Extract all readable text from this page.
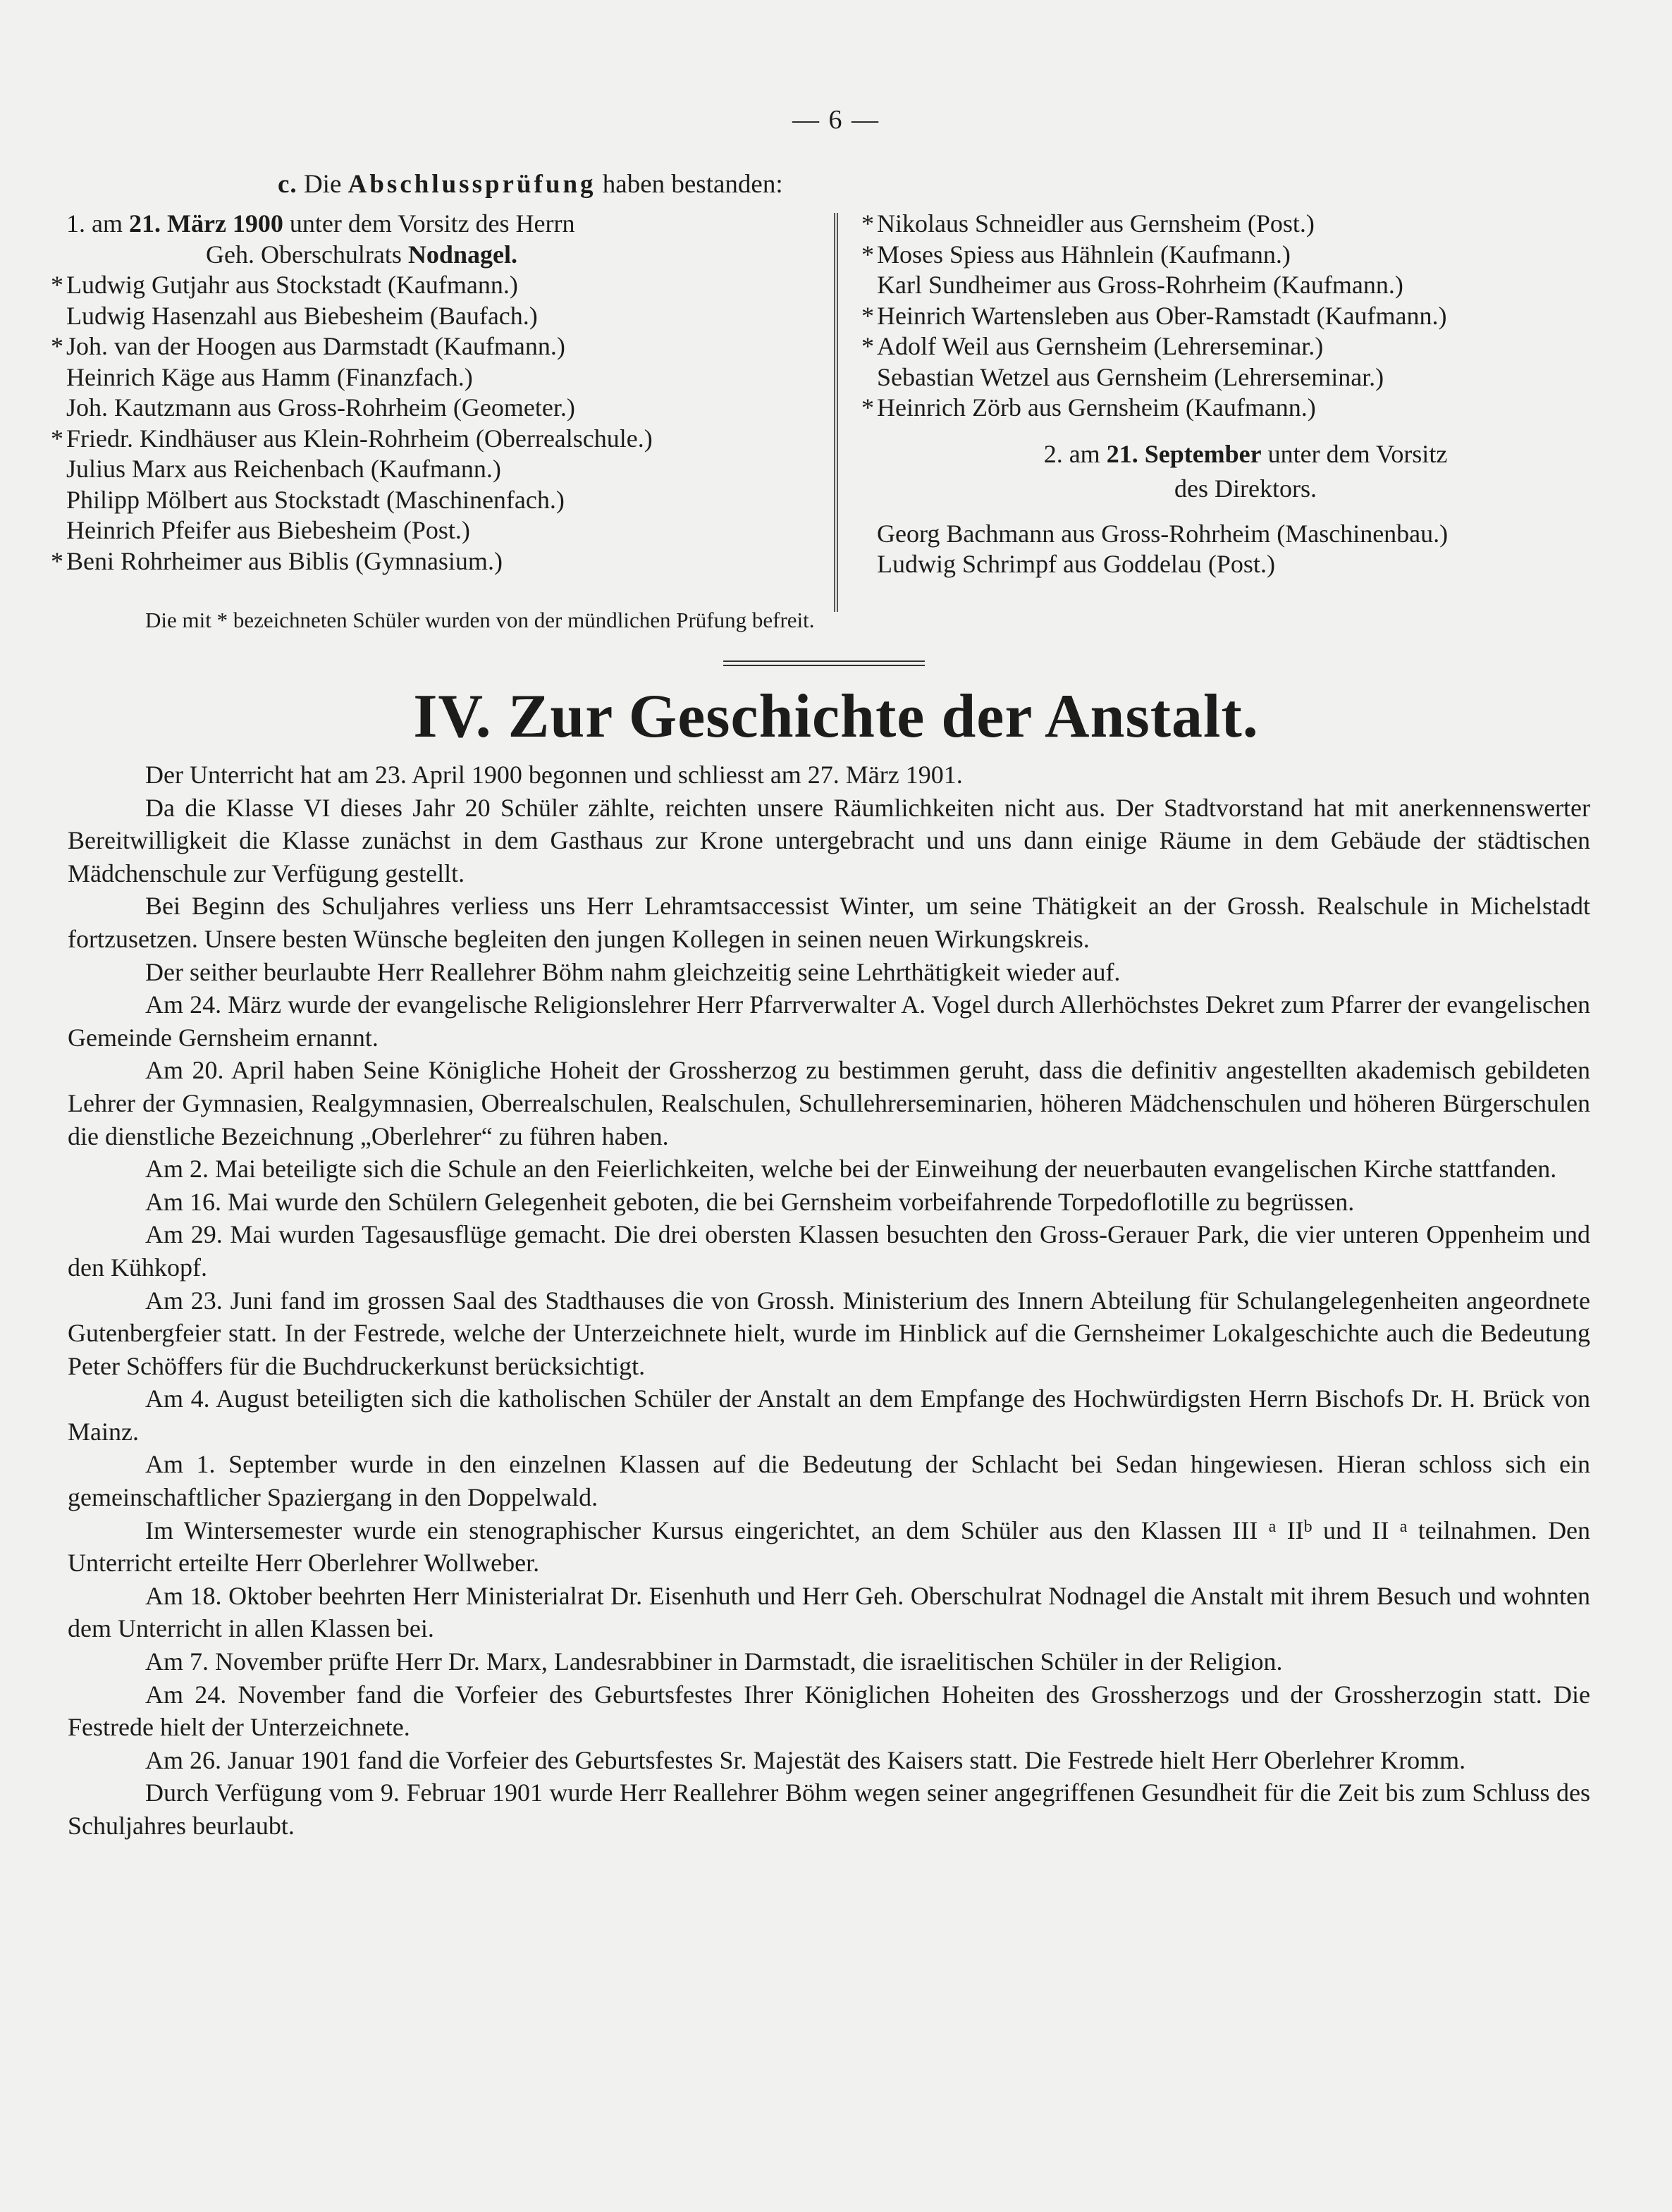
— 6 —
c. Die Abschlussprüfung haben bestanden:
1. am 21. März 1900 unter dem Vorsitz des Herrn
Geh. Oberschulrats Nodnagel.
* Ludwig Gutjahr aus Stockstadt (Kaufmann.)
Ludwig Hasenzahl aus Biebesheim (Baufach.)
* Joh. van der Hoogen aus Darmstadt (Kaufmann.)
Heinrich Käge aus Hamm (Finanzfach.)
Joh. Kautzmann aus Gross-Rohrheim (Geometer.)
* Friedr. Kindhäuser aus Klein-Rohrheim (Oberrealschule.)
Julius Marx aus Reichenbach (Kaufmann.)
Philipp Mölbert aus Stockstadt (Maschinenfach.)
Heinrich Pfeifer aus Biebesheim (Post.)
* Beni Rohrheimer aus Biblis (Gymnasium.)
* Nikolaus Schneidler aus Gernsheim (Post.)
* Moses Spiess aus Hähnlein (Kaufmann.)
Karl Sundheimer aus Gross-Rohrheim (Kaufmann.)
* Heinrich Wartensleben aus Ober-Ramstadt (Kaufmann.)
* Adolf Weil aus Gernsheim (Lehrerseminar.)
Sebastian Wetzel aus Gernsheim (Lehrerseminar.)
* Heinrich Zörb aus Gernsheim (Kaufmann.)
2. am 21. September unter dem Vorsitz
des Direktors.
Georg Bachmann aus Gross-Rohrheim (Maschinenbau.)
Ludwig Schrimpf aus Goddelau (Post.)
Die mit * bezeichneten Schüler wurden von der mündlichen Prüfung befreit.
IV. Zur Geschichte der Anstalt.

Der Unterricht hat am 23. April 1900 begonnen und schliesst am 27. März 1901.

Da die Klasse VI dieses Jahr 20 Schüler zählte, reichten unsere Räumlichkeiten nicht aus. Der Stadtvorstand hat mit anerkennenswerter Bereitwilligkeit die Klasse zunächst in dem Gasthaus zur Krone untergebracht und uns dann einige Räume in dem Gebäude der städtischen Mädchenschule zur Verfügung gestellt.

Bei Beginn des Schuljahres verliess uns Herr Lehramtsaccessist Winter, um seine Thätigkeit an der Grossh. Realschule in Michelstadt fortzusetzen. Unsere besten Wünsche begleiten den jungen Kollegen in seinen neuen Wirkungskreis.

Der seither beurlaubte Herr Reallehrer Böhm nahm gleichzeitig seine Lehrthätigkeit wieder auf.

Am 24. März wurde der evangelische Religionslehrer Herr Pfarrverwalter A. Vogel durch Allerhöchstes Dekret zum Pfarrer der evangelischen Gemeinde Gernsheim ernannt.

Am 20. April haben Seine Königliche Hoheit der Grossherzog zu bestimmen geruht, dass die definitiv angestellten akademisch gebildeten Lehrer der Gymnasien, Realgymnasien, Oberrealschulen, Realschulen, Schullehrerseminarien, höheren Mädchenschulen und höheren Bürgerschulen die dienstliche Bezeichnung „Oberlehrer“ zu führen haben.

Am 2. Mai beteiligte sich die Schule an den Feierlichkeiten, welche bei der Einweihung der neuerbauten evangelischen Kirche stattfanden.

Am 16. Mai wurde den Schülern Gelegenheit geboten, die bei Gernsheim vorbeifahrende Torpedoflotille zu begrüssen.

Am 29. Mai wurden Tagesausflüge gemacht. Die drei obersten Klassen besuchten den Gross-Gerauer Park, die vier unteren Oppenheim und den Kühkopf.

Am 23. Juni fand im grossen Saal des Stadthauses die von Grossh. Ministerium des Innern Abteilung für Schulangelegenheiten angeordnete Gutenbergfeier statt. In der Festrede, welche der Unterzeichnete hielt, wurde im Hinblick auf die Gernsheimer Lokalgeschichte auch die Bedeutung Peter Schöffers für die Buchdruckerkunst berücksichtigt.

Am 4. August beteiligten sich die katholischen Schüler der Anstalt an dem Empfange des Hochwürdigsten Herrn Bischofs Dr. H. Brück von Mainz.

Am 1. September wurde in den einzelnen Klassen auf die Bedeutung der Schlacht bei Sedan hingewiesen. Hieran schloss sich ein gemeinschaftlicher Spaziergang in den Doppelwald.

Im Wintersemester wurde ein stenographischer Kursus eingerichtet, an dem Schüler aus den Klassen III $^a$ $II^b$ und II $^a$ teilnahmen. Den Unterricht erteilte Herr Oberlehrer Wollweber.

Am 18. Oktober beehrten Herr Ministerialrat Dr. Eisenhuth und Herr Geh. Oberschulrat Nodnagel die Anstalt mit ihrem Besuch und wohnten dem Unterricht in allen Klassen bei.

Am 7. November prüfte Herr Dr. Marx, Landesrabbiner in Darmstadt, die israelitischen Schüler in der Religion.

Am 24. November fand die Vorfeier des Geburtsfestes Ihrer Königlichen Hoheiten des Grossherzogs und der Grossherzogin statt. Die Festrede hielt der Unterzeichnete.

Am 26. Januar 1901 fand die Vorfeier des Geburtsfestes Sr. Majestät des Kaisers statt. Die Festrede hielt Herr Oberlehrer Kromm.

Durch Verfügung vom 9. Februar 1901 wurde Herr Reallehrer Böhm wegen seiner angegriffenen Gesundheit für die Zeit bis zum Schluss des Schuljahres beurlaubt.
